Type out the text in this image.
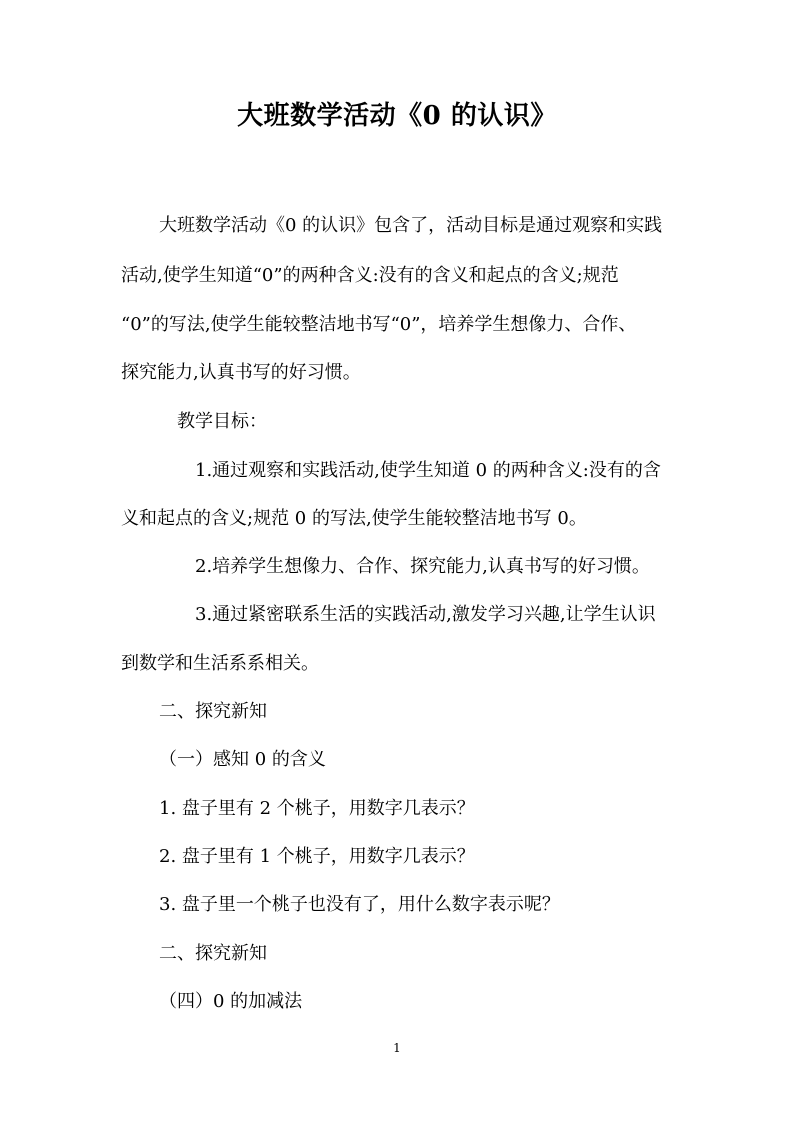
大班数学活动《0 的认识》
大班数学活动《0 的认识》包含了，活动目标是通过观察和实践
活动,使学生知道“0”的两种含义:没有的含义和起点的含义;规范
“0”的写法,使学生能较整洁地书写“0”，培养学生想像力、合作、
探究能力,认真书写的好习惯。
教学目标：
1.通过观察和实践活动,使学生知道 0 的两种含义:没有的含
义和起点的含义;规范 0 的写法,使学生能较整洁地书写 0。
2.培养学生想像力、合作、探究能力,认真书写的好习惯。
3.通过紧密联系生活的实践活动,激发学习兴趣,让学生认识
到数学和生活系系相关。
二、探究新知
（一）感知 0 的含义
1. 盘子里有 2 个桃子，用数字几表示？
2. 盘子里有 1 个桃子，用数字几表示？
3. 盘子里一个桃子也没有了，用什么数字表示呢？
二、探究新知
（四）0 的加减法
1
